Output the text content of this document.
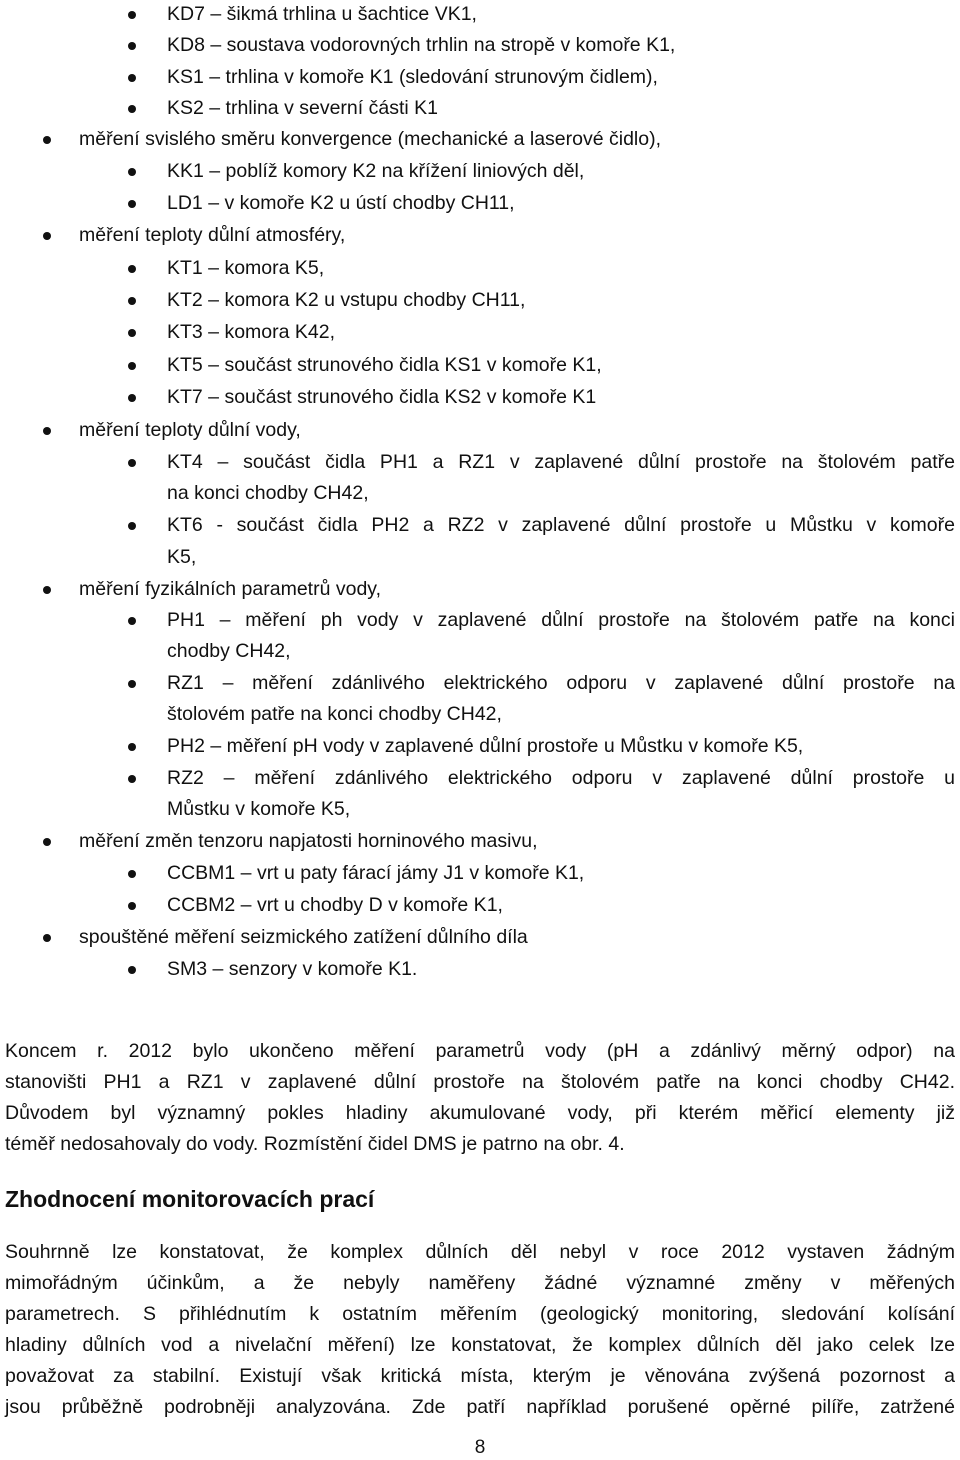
KD7 – šikmá trhlina u šachtice VK1,
KD8 – soustava vodorovných trhlin na stropě v komoře K1,
KS1 – trhlina v komoře K1 (sledování strunovým čidlem),
KS2 – trhlina v severní části K1
měření svislého směru konvergence (mechanické a laserové čidlo),
KK1 – poblíž komory K2 na křížení liniových děl,
LD1 – v komoře K2 u ústí chodby CH11,
měření teploty důlní atmosféry,
KT1 – komora K5,
KT2 – komora K2 u vstupu chodby CH11,
KT3 – komora K42,
KT5 – součást strunového čidla KS1 v komoře K1,
KT7 – součást strunového čidla KS2 v komoře K1
měření teploty důlní vody,
KT4 – součást čidla PH1 a RZ1 v zaplavené důlní prostoře na štolovém patře
na konci chodby CH42,
KT6 - součást čidla PH2 a RZ2 v zaplavené důlní prostoře u Můstku v komoře
K5,
měření fyzikálních parametrů vody,
PH1 – měření ph vody v zaplavené důlní prostoře na štolovém patře na konci
chodby CH42,
RZ1 – měření zdánlivého elektrického odporu v zaplavené důlní prostoře na
štolovém patře na konci chodby CH42,
PH2 – měření pH vody v zaplavené důlní prostoře u Můstku v komoře K5,
RZ2 – měření zdánlivého elektrického odporu v zaplavené důlní prostoře u
Můstku v komoře K5,
měření změn tenzoru napjatosti horninového masivu,
CCBM1 – vrt u paty fárací jámy J1 v komoře K1,
CCBM2 – vrt u chodby D v komoře K1,
spouštěné měření seizmického zatížení důlního díla
SM3 – senzory v komoře K1.
Koncem r. 2012 bylo ukončeno měření parametrů vody (pH a zdánlivý měrný odpor) na
stanovišti PH1 a RZ1 v zaplavené důlní prostoře na štolovém patře na konci chodby CH42.
Důvodem byl významný pokles hladiny akumulované vody, při kterém měřicí elementy již
téměř nedosahovaly do vody. Rozmístění čidel DMS je patrno na obr. 4.
Zhodnocení monitorovacích prací
Souhrnně lze konstatovat, že komplex důlních děl nebyl v roce 2012 vystaven žádným
mimořádným účinkům, a že nebyly naměřeny žádné významné změny v měřených
parametrech. S přihlédnutím k ostatním měřením (geologický monitoring, sledování kolísání
hladiny důlních vod a nivelační měření) lze konstatovat, že komplex důlních děl jako celek lze
považovat za stabilní. Existují však kritická místa, kterým je věnována zvýšená pozornost a
jsou průběžně podrobněji analyzována. Zde patří například porušené opěrné pilíře, zatržené
8
